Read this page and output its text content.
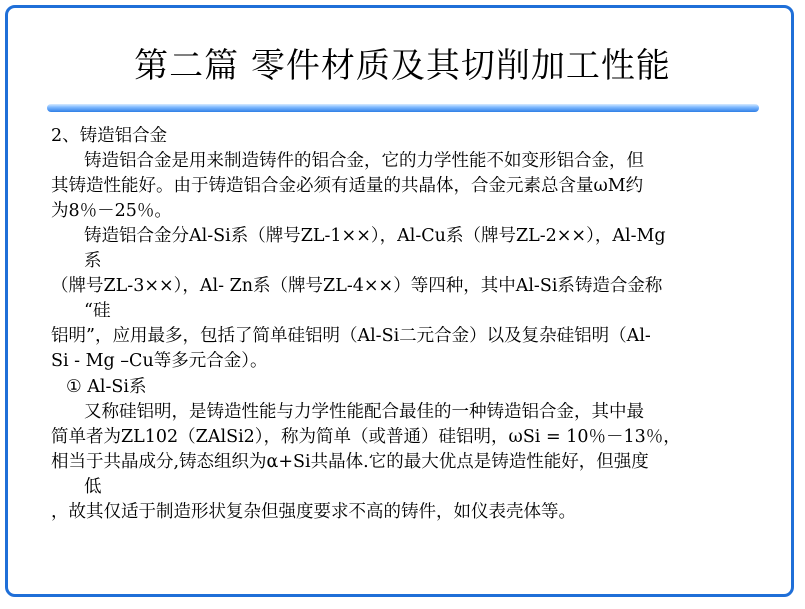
第二篇 零件材质及其切削加工性能
2、铸造铝合金
铸造铝合金是用来制造铸件的铝合金，它的力学性能不如变形铝合金，但
其铸造性能好。由于铸造铝合金必须有适量的共晶体，合金元素总含量ωM约
为8％－25％。
铸造铝合金分Al-Si系（牌号ZL-1××），Al-Cu系（牌号ZL-2××），Al-Mg
系
（牌号ZL-3××），Al- Zn系（牌号ZL-4××）等四种，其中Al-Si系铸造合金称
“硅
铝明”，应用最多，包括了简单硅铝明（Al-Si二元合金）以及复杂硅铝明（Al-
Si - Mg –Cu等多元合金）。
① Al-Si系
又称硅铝明，是铸造性能与力学性能配合最佳的一种铸造铝合金，其中最
简单者为ZL102（ZAlSi2），称为简单（或普通）硅铝明，ωSi = 10％－13％，
相当于共晶成分,铸态组织为α+Si共晶体.它的最大优点是铸造性能好，但强度
低
，故其仅适于制造形状复杂但强度要求不高的铸件，如仪表壳体等。
